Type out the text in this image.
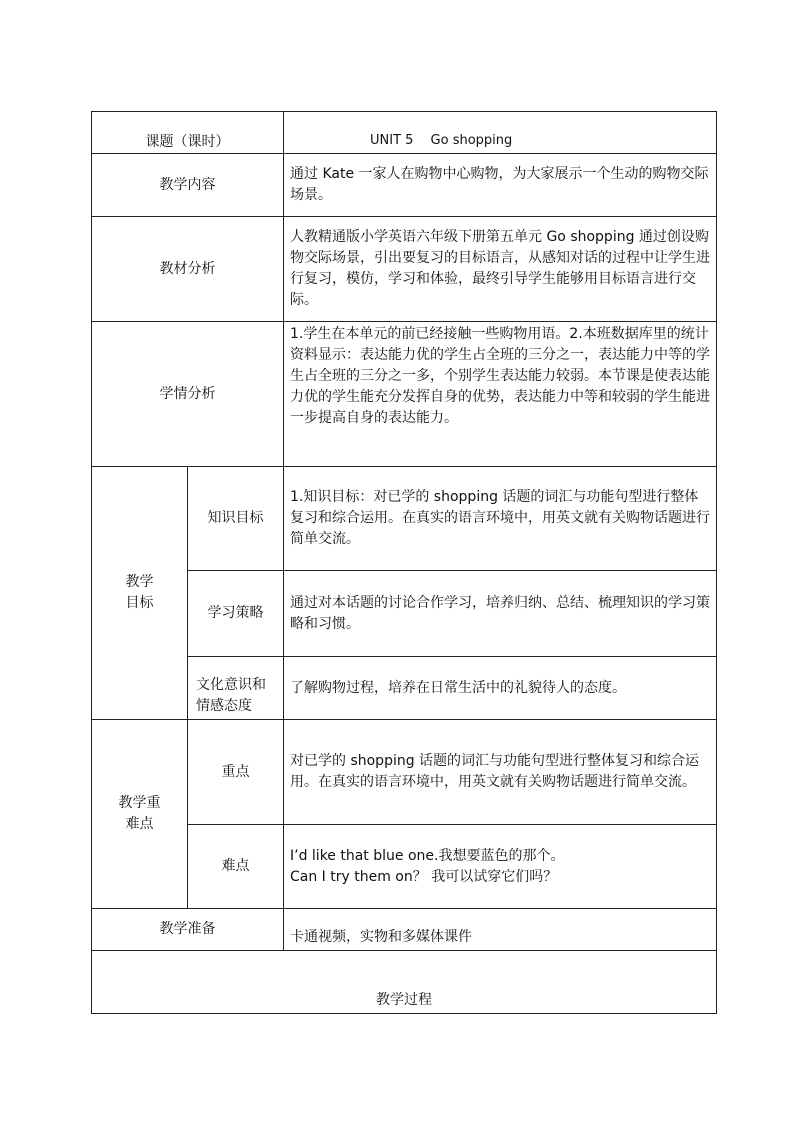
课题（课时）		UNIT 5　 Go shopping
教学内容		通过 Kate 一家人在购物中心购物，为大家展示一个生动的购物交际场景。
教材分析		人教精通版小学英语六年级下册第五单元 Go shopping 通过创设购物交际场景，引出要复习的目标语言，从感知对话的过程中让学生进行复习，模仿，学习和体验，最终引导学生能够用目标语言进行交际。
学情分析		1.学生在本单元的前已经接触一些购物用语。2.本班数据库里的统计资料显示：表达能力优的学生占全班的三分之一，表达能力中等的学生占全班的三分之一多，个别学生表达能力较弱。本节课是使表达能力优的学生能充分发挥自身的优势，表达能力中等和较弱的学生能进一步提高自身的表达能力。

教学
目标	知识目标	1.知识目标：对已学的 shopping 话题的词汇与功能句型进行整体复习和综合运用。在真实的语言环境中，用英文就有关购物话题进行简单交流。
	学习策略	通过对本话题的讨论合作学习，培养归纳、总结、梳理知识的学习策略和习惯。

	文化意识和
情感态度	了解购物过程，培养在日常生活中的礼貌待人的态度。

教学重
难点	重点	对已学的 shopping 话题的词汇与功能句型进行整体复习和综合运用。在真实的语言环境中，用英文就有关购物话题进行简单交流。
	难点	I’d like that blue one.我想要蓝色的那个。
Can I try them on？ 我可以试穿它们吗？

教学准备		卡通视频，实物和多媒体课件
教学过程		
